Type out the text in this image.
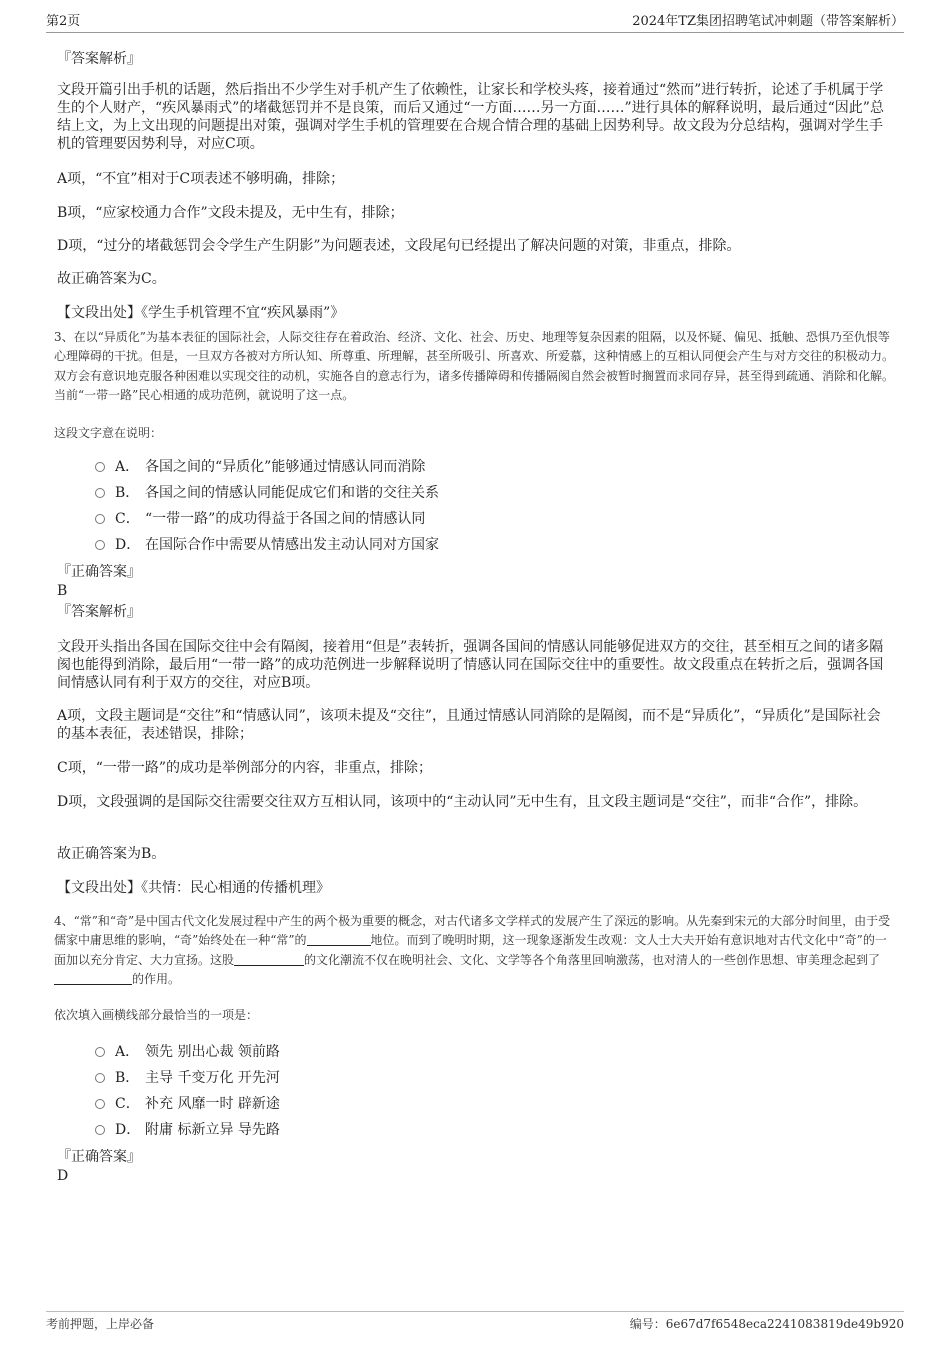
第2页	2024年TZ集团招聘笔试冲刺题（带答案解析）

『答案解析』

文段开篇引出手机的话题，然后指出不少学生对手机产生了依赖性，让家长和学校头疼，接着通过“然而”进行转折，论述了手机属于学生的个人财产，“疾风暴雨式”的堵截惩罚并不是良策，而后又通过“一方面……另一方面……”进行具体的解释说明，最后通过“因此”总结上文，为上文出现的问题提出对策，强调对学生手机的管理要在合规合情合理的基础上因势利导。故文段为分总结构，强调对学生手机的管理要因势利导，对应C项。

A项，“不宜”相对于C项表述不够明确，排除；

B项，“应家校通力合作”文段未提及，无中生有，排除；

D项，“过分的堵截惩罚会令学生产生阴影”为问题表述，文段尾句已经提出了解决问题的对策，非重点，排除。

故正确答案为C。

【文段出处】《学生手机管理不宜“疾风暴雨”》

3、在以“异质化”为基本表征的国际社会，人际交往存在着政治、经济、文化、社会、历史、地理等复杂因素的阻隔，以及怀疑、偏见、抵触、恐惧乃至仇恨等心理障碍的干扰。但是，一旦双方各被对方所认知、所尊重、所理解，甚至所吸引、所喜欢、所爱慕，这种情感上的互相认同便会产生与对方交往的积极动力。双方会有意识地克服各种困难以实现交往的动机，实施各自的意志行为，诸多传播障碍和传播隔阂自然会被暂时搁置而求同存异，甚至得到疏通、消除和化解。当前“一带一路”民心相通的成功范例，就说明了这一点。

这段文字意在说明：

A． 各国之间的“异质化”能够通过情感认同而消除
B． 各国之间的情感认同能促成它们和谐的交往关系
C． “一带一路”的成功得益于各国之间的情感认同
D． 在国际合作中需要从情感出发主动认同对方国家

『正确答案』

B

『答案解析』

文段开头指出各国在国际交往中会有隔阂，接着用“但是”表转折，强调各国间的情感认同能够促进双方的交往，甚至相互之间的诸多隔阂也能得到消除，最后用“一带一路”的成功范例进一步解释说明了情感认同在国际交往中的重要性。故文段重点在转折之后，强调各国间情感认同有利于双方的交往，对应B项。

A项，文段主题词是“交往”和“情感认同”，该项未提及“交往”，且通过情感认同消除的是隔阂，而不是“异质化”，“异质化”是国际社会的基本表征，表述错误，排除；

C项，“一带一路”的成功是举例部分的内容，非重点，排除；

D项，文段强调的是国际交往需要交往双方互相认同，该项中的“主动认同”无中生有，且文段主题词是“交往”，而非“合作”，排除。

故正确答案为B。

【文段出处】《共情：民心相通的传播机理》

4、“常”和“奇”是中国古代文化发展过程中产生的两个极为重要的概念，对古代诸多文学样式的发展产生了深远的影响。从先秦到宋元的大部分时间里，由于受儒家中庸思维的影响，“奇”始终处在一种“常”的	地位。而到了晚明时期，这一现象逐渐发生改观：文人士大夫开始有意识地对古代文化中“奇”的一面加以充分肯定、大力宣扬。这股	的文化潮流不仅在晚明社会、文化、文学等各个角落里回响激荡，也对清人的一些创作思想、审美理念起到了的作用。

依次填入画横线部分最恰当的一项是：

A． 领先 别出心裁 领前路
B． 主导 千变万化 开先河
C． 补充 风靡一时 辟新途
D． 附庸 标新立异 导先路

『正确答案』

D

考前押题，上岸必备	编号：6e67d7f6548eca2241083819de49b920
